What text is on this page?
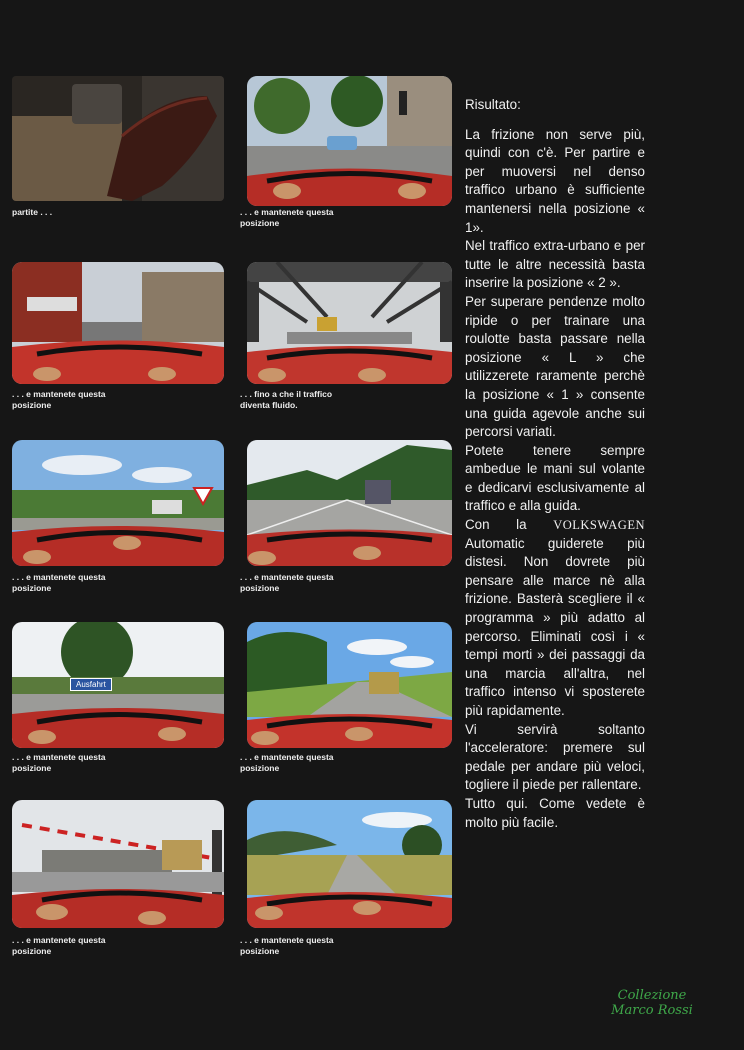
partite . . .	. . . e mantenete questa
posizione
. . . e mantenete questa
posizione
. . . fino a che il traffico
diventa fluido.
. . . e mantenete questa
posizione
. . . e mantenete questa
posizione
Ausfahrt
. . . e mantenete questa
posizione
. . . e mantenete questa
posizione
. . . e mantenete questa
posizione
. . . e mantenete questa
posizione

Risultato:

La frizione non serve più, quindi con c'è. Per partire e per muoversi nel denso traffico urbano è sufficiente mantenersi nella posizione « 1».

Nel traffico extra-urbano e per tutte le altre necessità basta inserire la posizione « 2 ».

Per superare pendenze molto ripide o per trainare una roulotte basta passare nella posizione « L » che utilizzerete raramente perchè la posizione « 1 » consente una guida agevole anche sui percorsi variati.

Potete tenere sempre ambedue le mani sul volante e dedicarvi esclusivamente al traffico e alla guida.

Con la VOLKSWAGEN Automatic guiderete più distesi. Non dovrete più pensare alle marce nè alla frizione. Basterà scegliere il « programma » più adatto al percorso. Eliminati così i « tempi morti » dei passaggi da una marcia all'altra, nel traffico intenso vi sposterete più rapidamente.

Vi servirà soltanto l'acceleratore: premere sul pedale per andare più veloci, togliere il piede per rallentare.

Tutto qui. Come vedete è molto più facile.

Collezione
Marco Rossi
